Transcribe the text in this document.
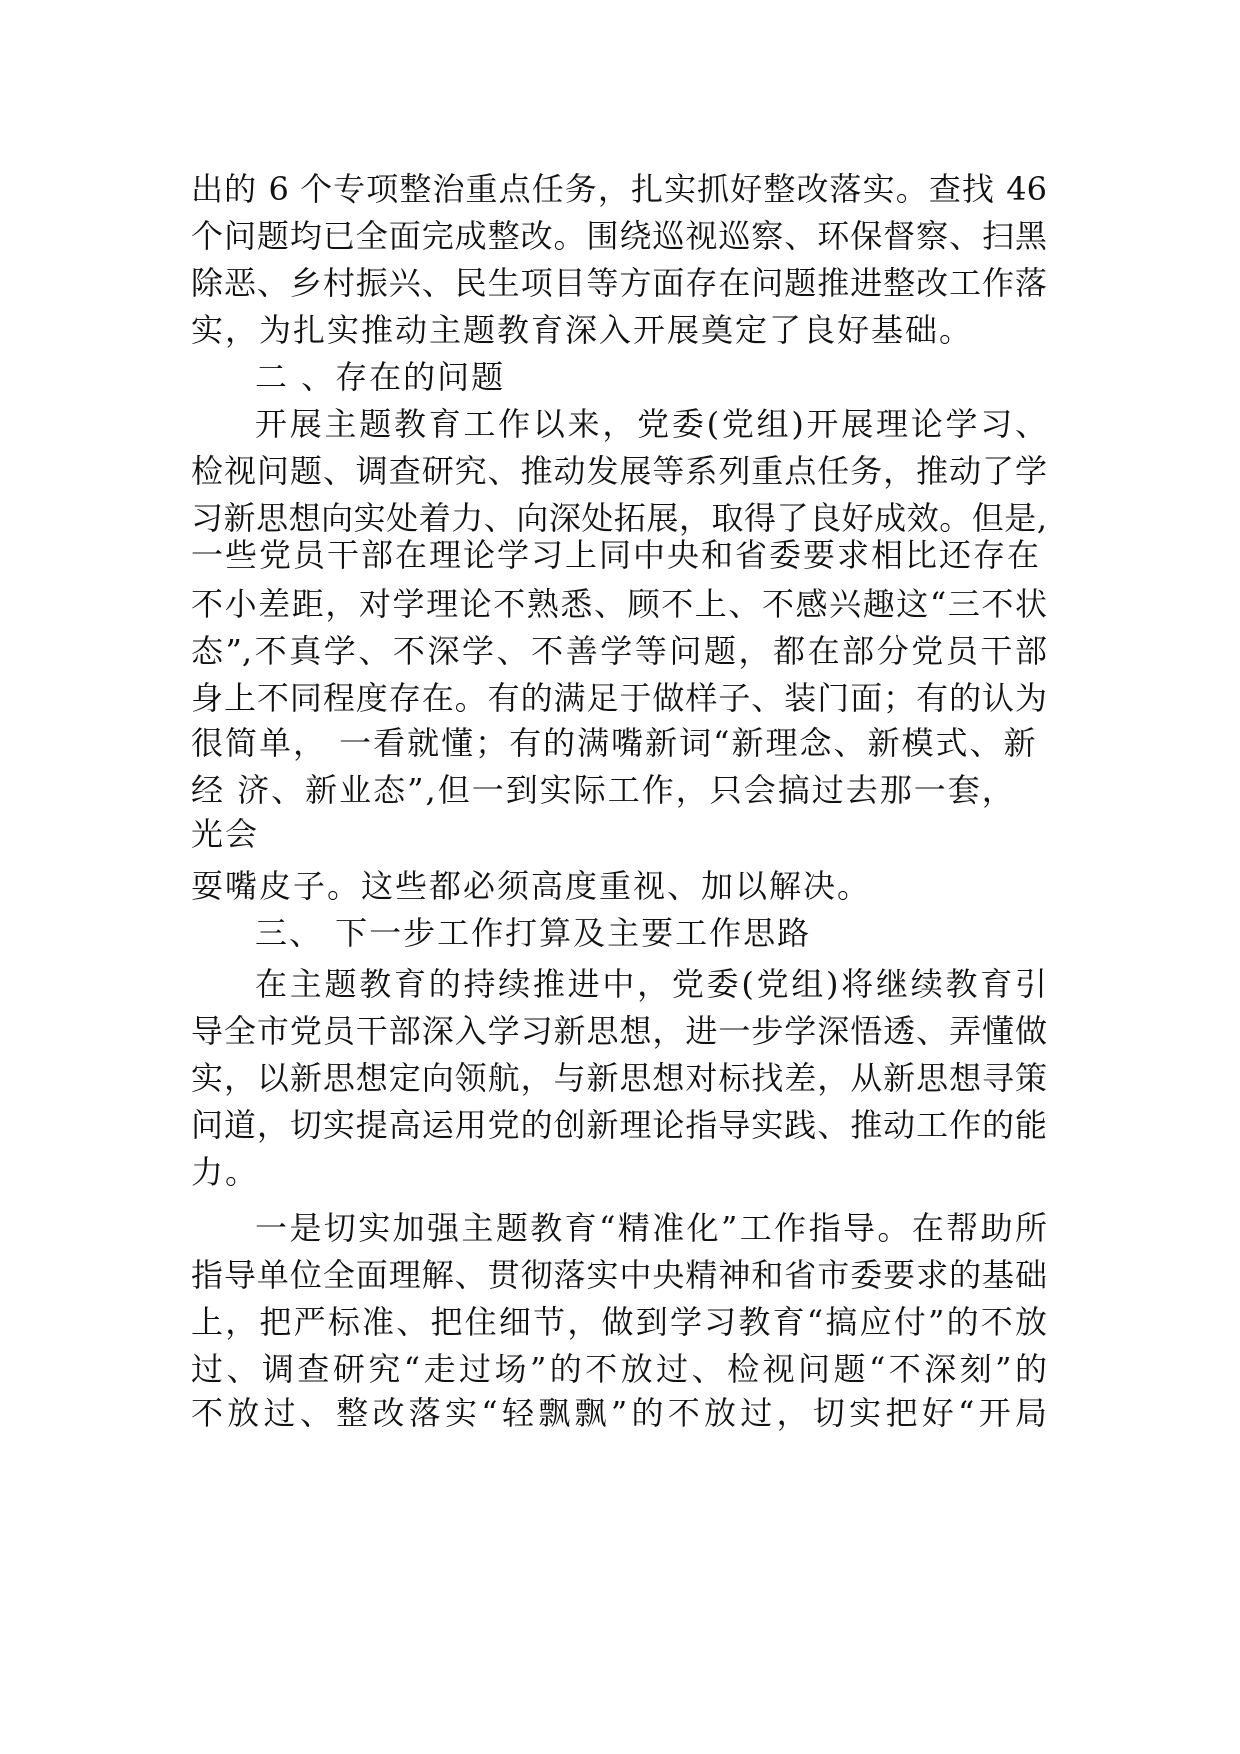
出的 6 个专项整治重点任务，扎实抓好整改落实。查找 46
个问题均已全面完成整改。围绕巡视巡察、环保督察、扫黑
除恶、乡村振兴、民生项目等方面存在问题推进整改工作落
实，为扎实推动主题教育深入开展奠定了良好基础。
二 、存在的问题
开展主题教育工作以来，党委(党组)开展理论学习、
检视问题、调查研究、推动发展等系列重点任务，推动了学
习新思想向实处着力、向深处拓展，取得了良好成效。但是,
一些党员干部在理论学习上同中央和省委要求相比还存在
不小差距，对学理论不熟悉、顾不上、不感兴趣这“三不状
态”,不真学、不深学、不善学等问题，都在部分党员干部
身上不同程度存在。有的满足于做样子、装门面；有的认为
很简单， 一看就懂；有的满嘴新词“新理念、新模式、新
经 济、新业态”,但一到实际工作，只会搞过去那一套，
光会
耍嘴皮子。这些都必须高度重视、加以解决。
三、 下一步工作打算及主要工作思路
在主题教育的持续推进中，党委(党组)将继续教育引
导全市党员干部深入学习新思想，进一步学深悟透、弄懂做
实，以新思想定向领航，与新思想对标找差，从新思想寻策
问道，切实提高运用党的创新理论指导实践、推动工作的能
力。
一是切实加强主题教育“精准化”工作指导。在帮助所
指导单位全面理解、贯彻落实中央精神和省市委要求的基础
上，把严标准、把住细节，做到学习教育“搞应付”的不放
过、调查研究“走过场”的不放过、检视问题“不深刻”的
不放过、整改落实“轻飘飘”的不放过，切实把好“开局
